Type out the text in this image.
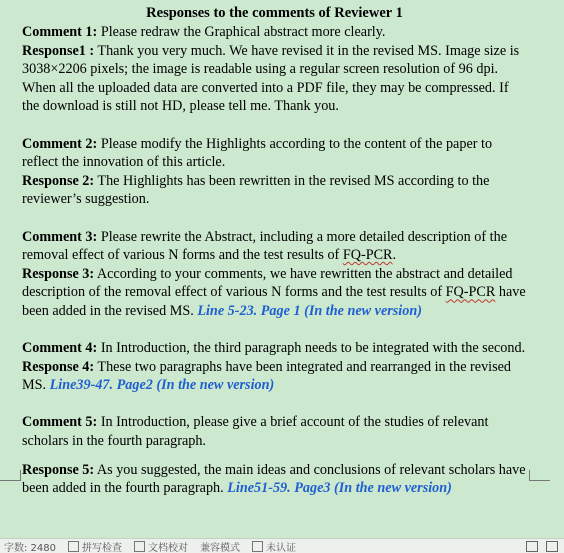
Responses to the comments of Reviewer 1

Comment 1: Please redraw the Graphical abstract more clearly.

Response1 : Thank you very much. We have revised it in the revised MS. Image size is 3038×2206 pixels; the image is readable using a regular screen resolution of 96 dpi. When all the uploaded data are converted into a PDF file, they may be compressed. If the download is still not HD, please tell me. Thank you.

Comment 2: Please modify the Highlights according to the content of the paper to reflect the innovation of this article.

Response 2: The Highlights has been rewritten in the revised MS according to the reviewer’s suggestion.

Comment 3: Please rewrite the Abstract, including a more detailed description of the removal effect of various N forms and the test results of FQ-PCR.

Response 3: According to your comments, we have rewritten the abstract and detailed description of the removal effect of various N forms and the test results of FQ-PCR have been added in the revised MS. Line 5-23. Page 1 (In the new version)

Comment 4: In Introduction, the third paragraph needs to be integrated with the second.

Response 4: These two paragraphs have been integrated and rearranged in the revised MS. Line39-47. Page2 (In the new version)

Comment 5: In Introduction, please give a brief account of the studies of relevant scholars in the fourth paragraph.

Response 5: As you suggested, the main ideas and conclusions of relevant scholars have been added in the fourth paragraph. Line51-59. Page3 (In the new version)

字数: 2480	拼写检查	文档校对 兼容模式	未认证
